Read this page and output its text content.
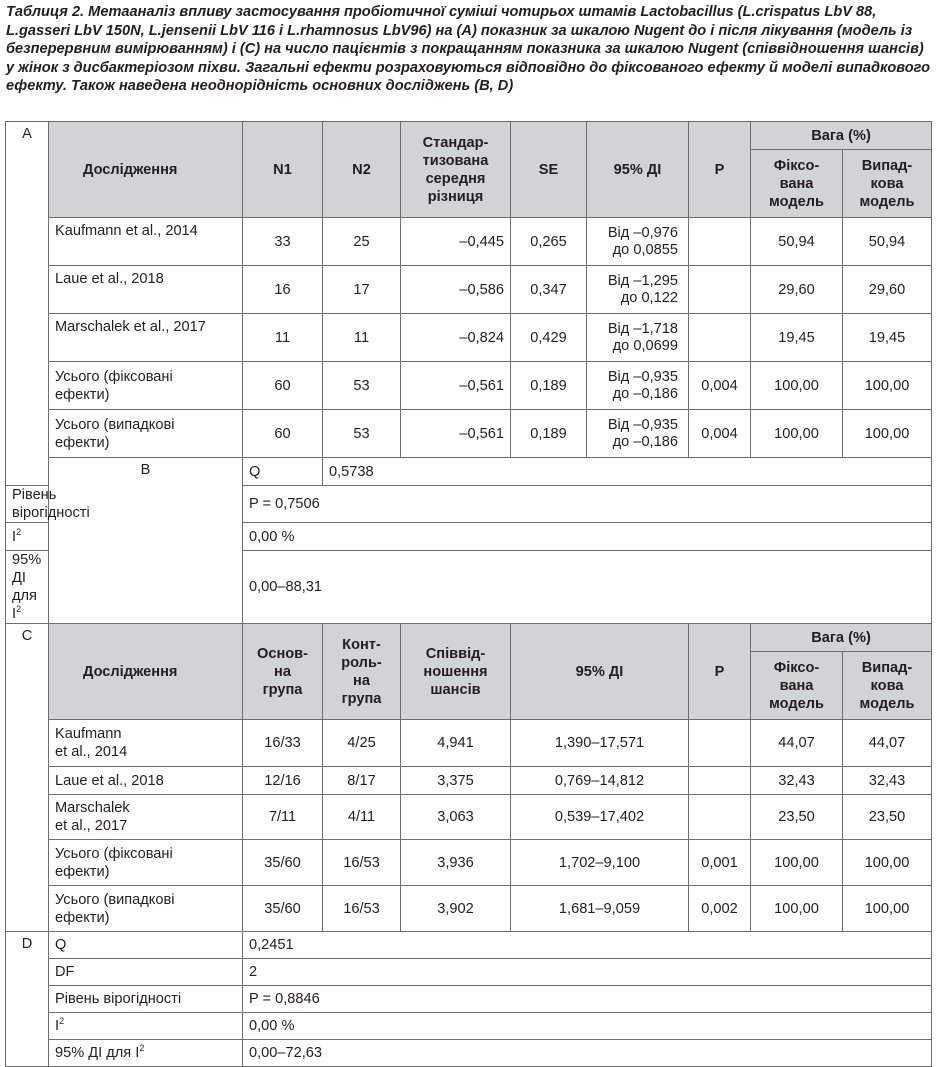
Таблиця 2. Метааналіз впливу застосування пробіотичної суміші чотирьох штамів Lactobacillus (L.crispatus LbV 88, L.gasseri LbV 150N, L.jensenii LbV 116 і L.rhamnosus LbV96) на (A) показник за шкалою Nugent до і після лікування (модель із безперервним вимірюванням) і (C) на число пацієнтів з покращанням показника за шкалою Nugent (співвідношення шансів) у жінок з дисбактеріозом піхви. Загальні ефекти розраховуються відповідно до фіксованого ефекту й моделі випадкового ефекту. Також наведена неоднорідність основних досліджень (B, D)
A	Дослідження	N1	N2	Стандар-
тизована
середня
різниця	SE	95% ДІ	P	Вага (%)	
								Фіксо-
вана
модель	Випад-
кова
модель
	Kaufmann et al., 2014	33	25	–0,445	0,265	Від –0,976
до 0,0855		50,94	50,94
	Laue et al., 2018	16	17	–0,586	0,347	Від –1,295
до 0,122		29,60	29,60
	Marschalek et al., 2017	11	11	–0,824	0,429	Від –1,718
до 0,0699		19,45	19,45
	Усього (фіксовані
ефекти)	60	53	–0,561	0,189	Від –0,935
до –0,186	0,004	100,00	100,00
	Усього (випадкові
ефекти)	60	53	–0,561	0,189	Від –0,935
до –0,186	0,004	100,00	100,00
	B	Q	0,5738						
Рівень вірогідності		P = 0,7506							
$I^2$		0,00 %							
95% ДІ для $I^2$		0,00–88,31							
C	Дослідження	Основ-
на
група	Конт-
роль-
на
група	Співвід-
ношення
шансів	95% ДІ		P	Вага (%)	
								Фіксо-
вана
модель	Випад-
кова
модель
	Kaufmann
et al., 2014	16/33	4/25	4,941	1,390–17,571			44,07	44,07
	Laue et al., 2018	12/16	8/17	3,375	0,769–14,812			32,43	32,43
	Marschalek
et al., 2017	7/11	4/11	3,063	0,539–17,402			23,50	23,50
	Усього (фіксовані
ефекти)	35/60	16/53	3,936	1,702–9,100		0,001	100,00	100,00
	Усього (випадкові
ефекти)	35/60	16/53	3,902	1,681–9,059		0,002	100,00	100,00
D	Q	0,2451							
	DF	2							
	Рівень вірогідності	P = 0,8846							
	$I^2$	0,00 %							
	95% ДІ для $I^2$	0,00–72,63							
